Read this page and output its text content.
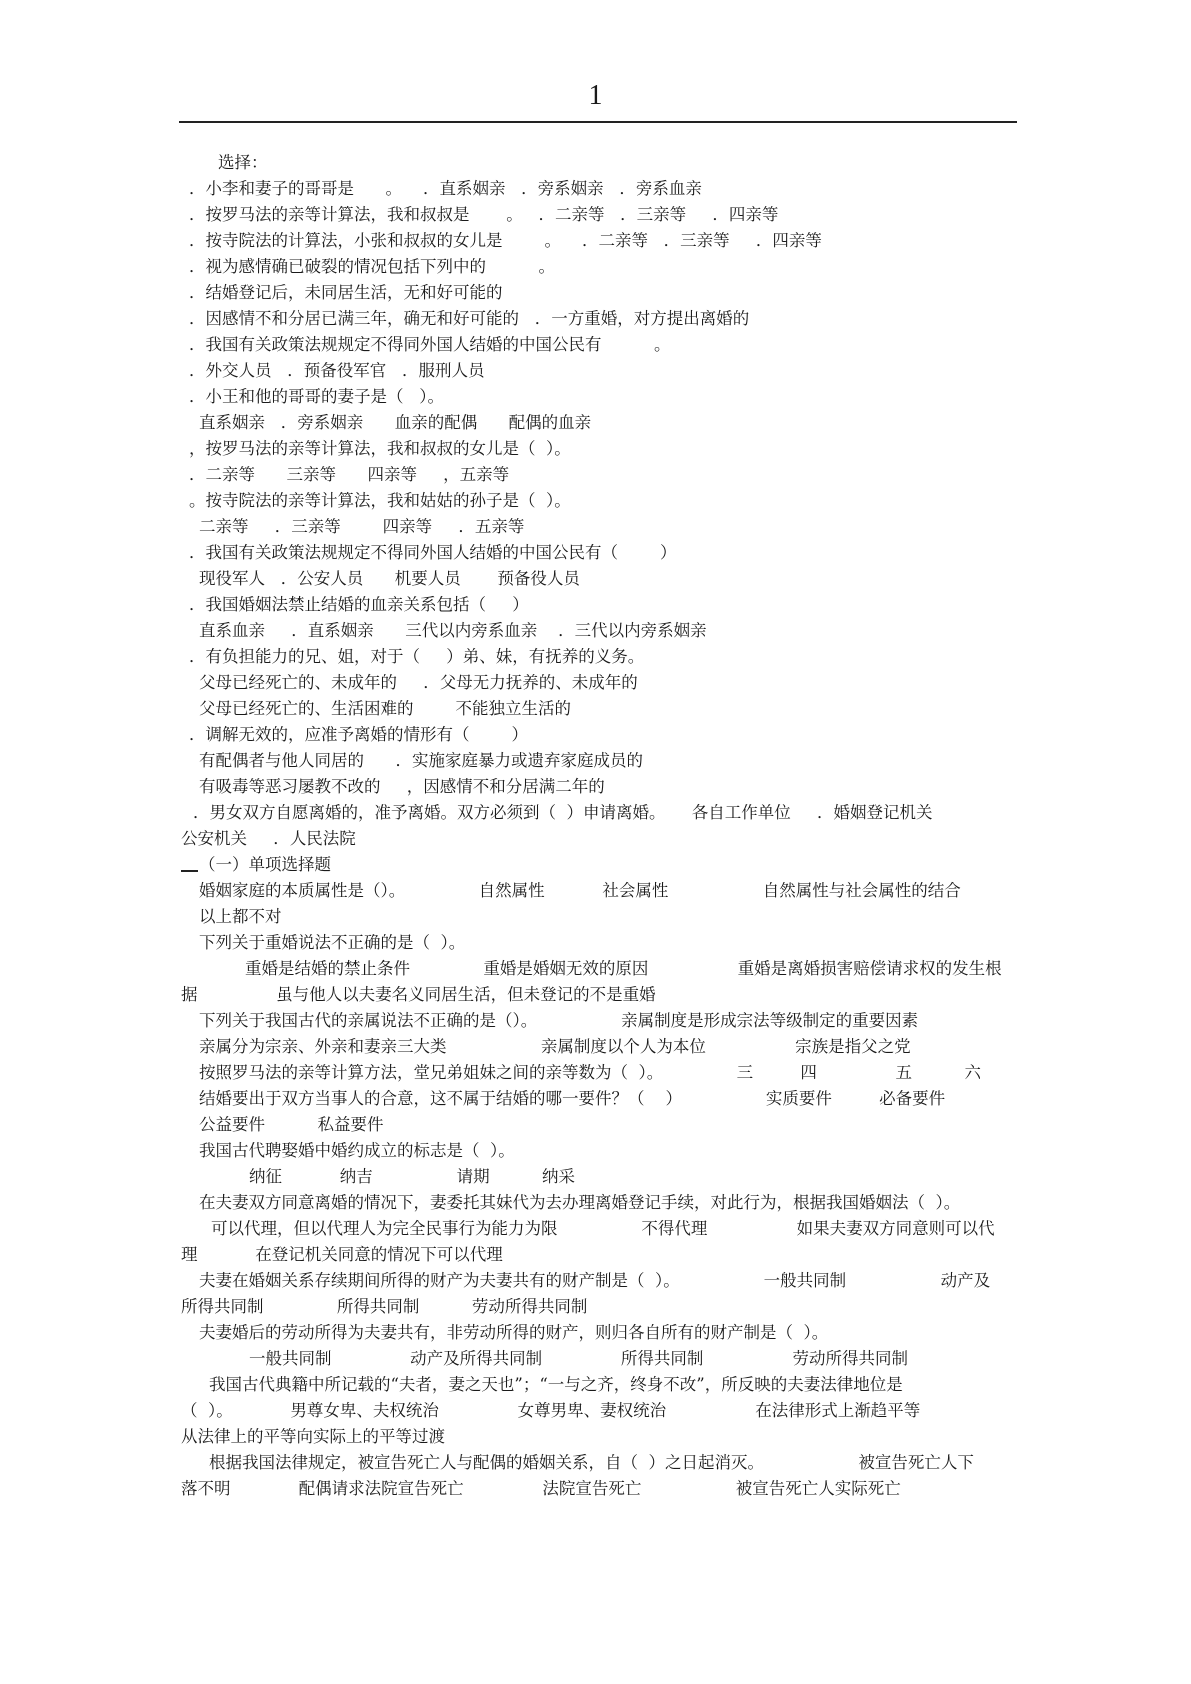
1
选择：
．小李和妻子的哥哥是      。    ．直系姻亲   ．旁系姻亲   ．旁系血亲
．按罗马法的亲等计算法，我和叔叔是       。   ．二亲等   ．三亲等     ．四亲等
．按寺院法的计算法，小张和叔叔的女儿是        。    ．二亲等   ．三亲等     ．四亲等
．视为感情确已破裂的情况包括下列中的          。
．结婚登记后，未同居生活，无和好可能的
．因感情不和分居已满三年，确无和好可能的   ．一方重婚，对方提出离婚的
．我国有关政策法规规定不得同外国人结婚的中国公民有          。
．外交人员   ．预备役军官   ．服刑人员
．小王和他的哥哥的妻子是（   ）。
直系姻亲   ．旁系姻亲      血亲的配偶      配偶的血亲
，按罗马法的亲等计算法，我和叔叔的女儿是（  ）。
．二亲等      三亲等      四亲等     ，五亲等
。按寺院法的亲等计算法，我和姑姑的孙子是（  ）。
二亲等     ．三亲等        四亲等     ．五亲等
．我国有关政策法规规定不得同外国人结婚的中国公民有（        ）
现役军人   ．公安人员      机要人员       预备役人员
．我国婚姻法禁止结婚的血亲关系包括（     ）
直系血亲     ．直系姻亲      三代以内旁系血亲    ．三代以内旁系姻亲
．有负担能力的兄、姐，对于（     ）弟、妹，有抚养的义务。
父母已经死亡的、未成年的     ．父母无力抚养的、未成年的
父母已经死亡的、生活困难的        不能独立生活的
．调解无效的，应准予离婚的情形有（        ）
有配偶者与他人同居的      ．实施家庭暴力或遗弃家庭成员的
有吸毒等恶习屡教不改的     ，因感情不和分居满二年的
．男女双方自愿离婚的，准予离婚。双方必须到（  ）申请离婚。     各自工作单位     ．婚姻登记机关
公安机关     ．人民法院
（一）单项选择题
婚姻家庭的本质属性是（）。              自然属性           社会属性                  自然属性与社会属性的结合
以上都不对
下列关于重婚说法不正确的是（  ）。
重婚是结婚的禁止条件              重婚是婚姻无效的原因                 重婚是离婚损害赔偿请求权的发生根
据               虽与他人以夫妻名义同居生活，但未登记的不是重婚
下列关于我国古代的亲属说法不正确的是（）。                亲属制度是形成宗法等级制定的重要因素
亲属分为宗亲、外亲和妻亲三大类                  亲属制度以个人为本位                 宗族是指父之党
按照罗马法的亲等计算方法，堂兄弟姐妹之间的亲等数为（  ）。              三         四               五          六
结婚要出于双方当事人的合意，这不属于结婚的哪一要件？（    ）                实质要件         必备要件
公益要件          私益要件
我国古代聘娶婚中婚约成立的标志是（  ）。
纳征           纳吉                请期          纳采
在夫妻双方同意离婚的情况下，妻委托其妹代为去办理离婚登记手续，对此行为，根据我国婚姻法（  ）。
可以代理，但以代理人为完全民事行为能力为限                不得代理                 如果夫妻双方同意则可以代
理           在登记机关同意的情况下可以代理
夫妻在婚姻关系存续期间所得的财产为夫妻共有的财产制是（  ）。                一般共同制                  动产及
所得共同制              所得共同制          劳动所得共同制
夫妻婚后的劳动所得为夫妻共有，非劳动所得的财产，则归各自所有的财产制是（  ）。
一般共同制               动产及所得共同制               所得共同制                 劳动所得共同制
我国古代典籍中所记载的“夫者，妻之天也”；“一与之齐，终身不改”，所反映的夫妻法律地位是
（  ）。           男尊女卑、夫权统治               女尊男卑、妻权统治                 在法律形式上渐趋平等
从法律上的平等向实际上的平等过渡
根据我国法律规定，被宣告死亡人与配偶的婚姻关系，自（  ）之日起消灭。                  被宣告死亡人下
落不明             配偶请求法院宣告死亡               法院宣告死亡                  被宣告死亡人实际死亡
